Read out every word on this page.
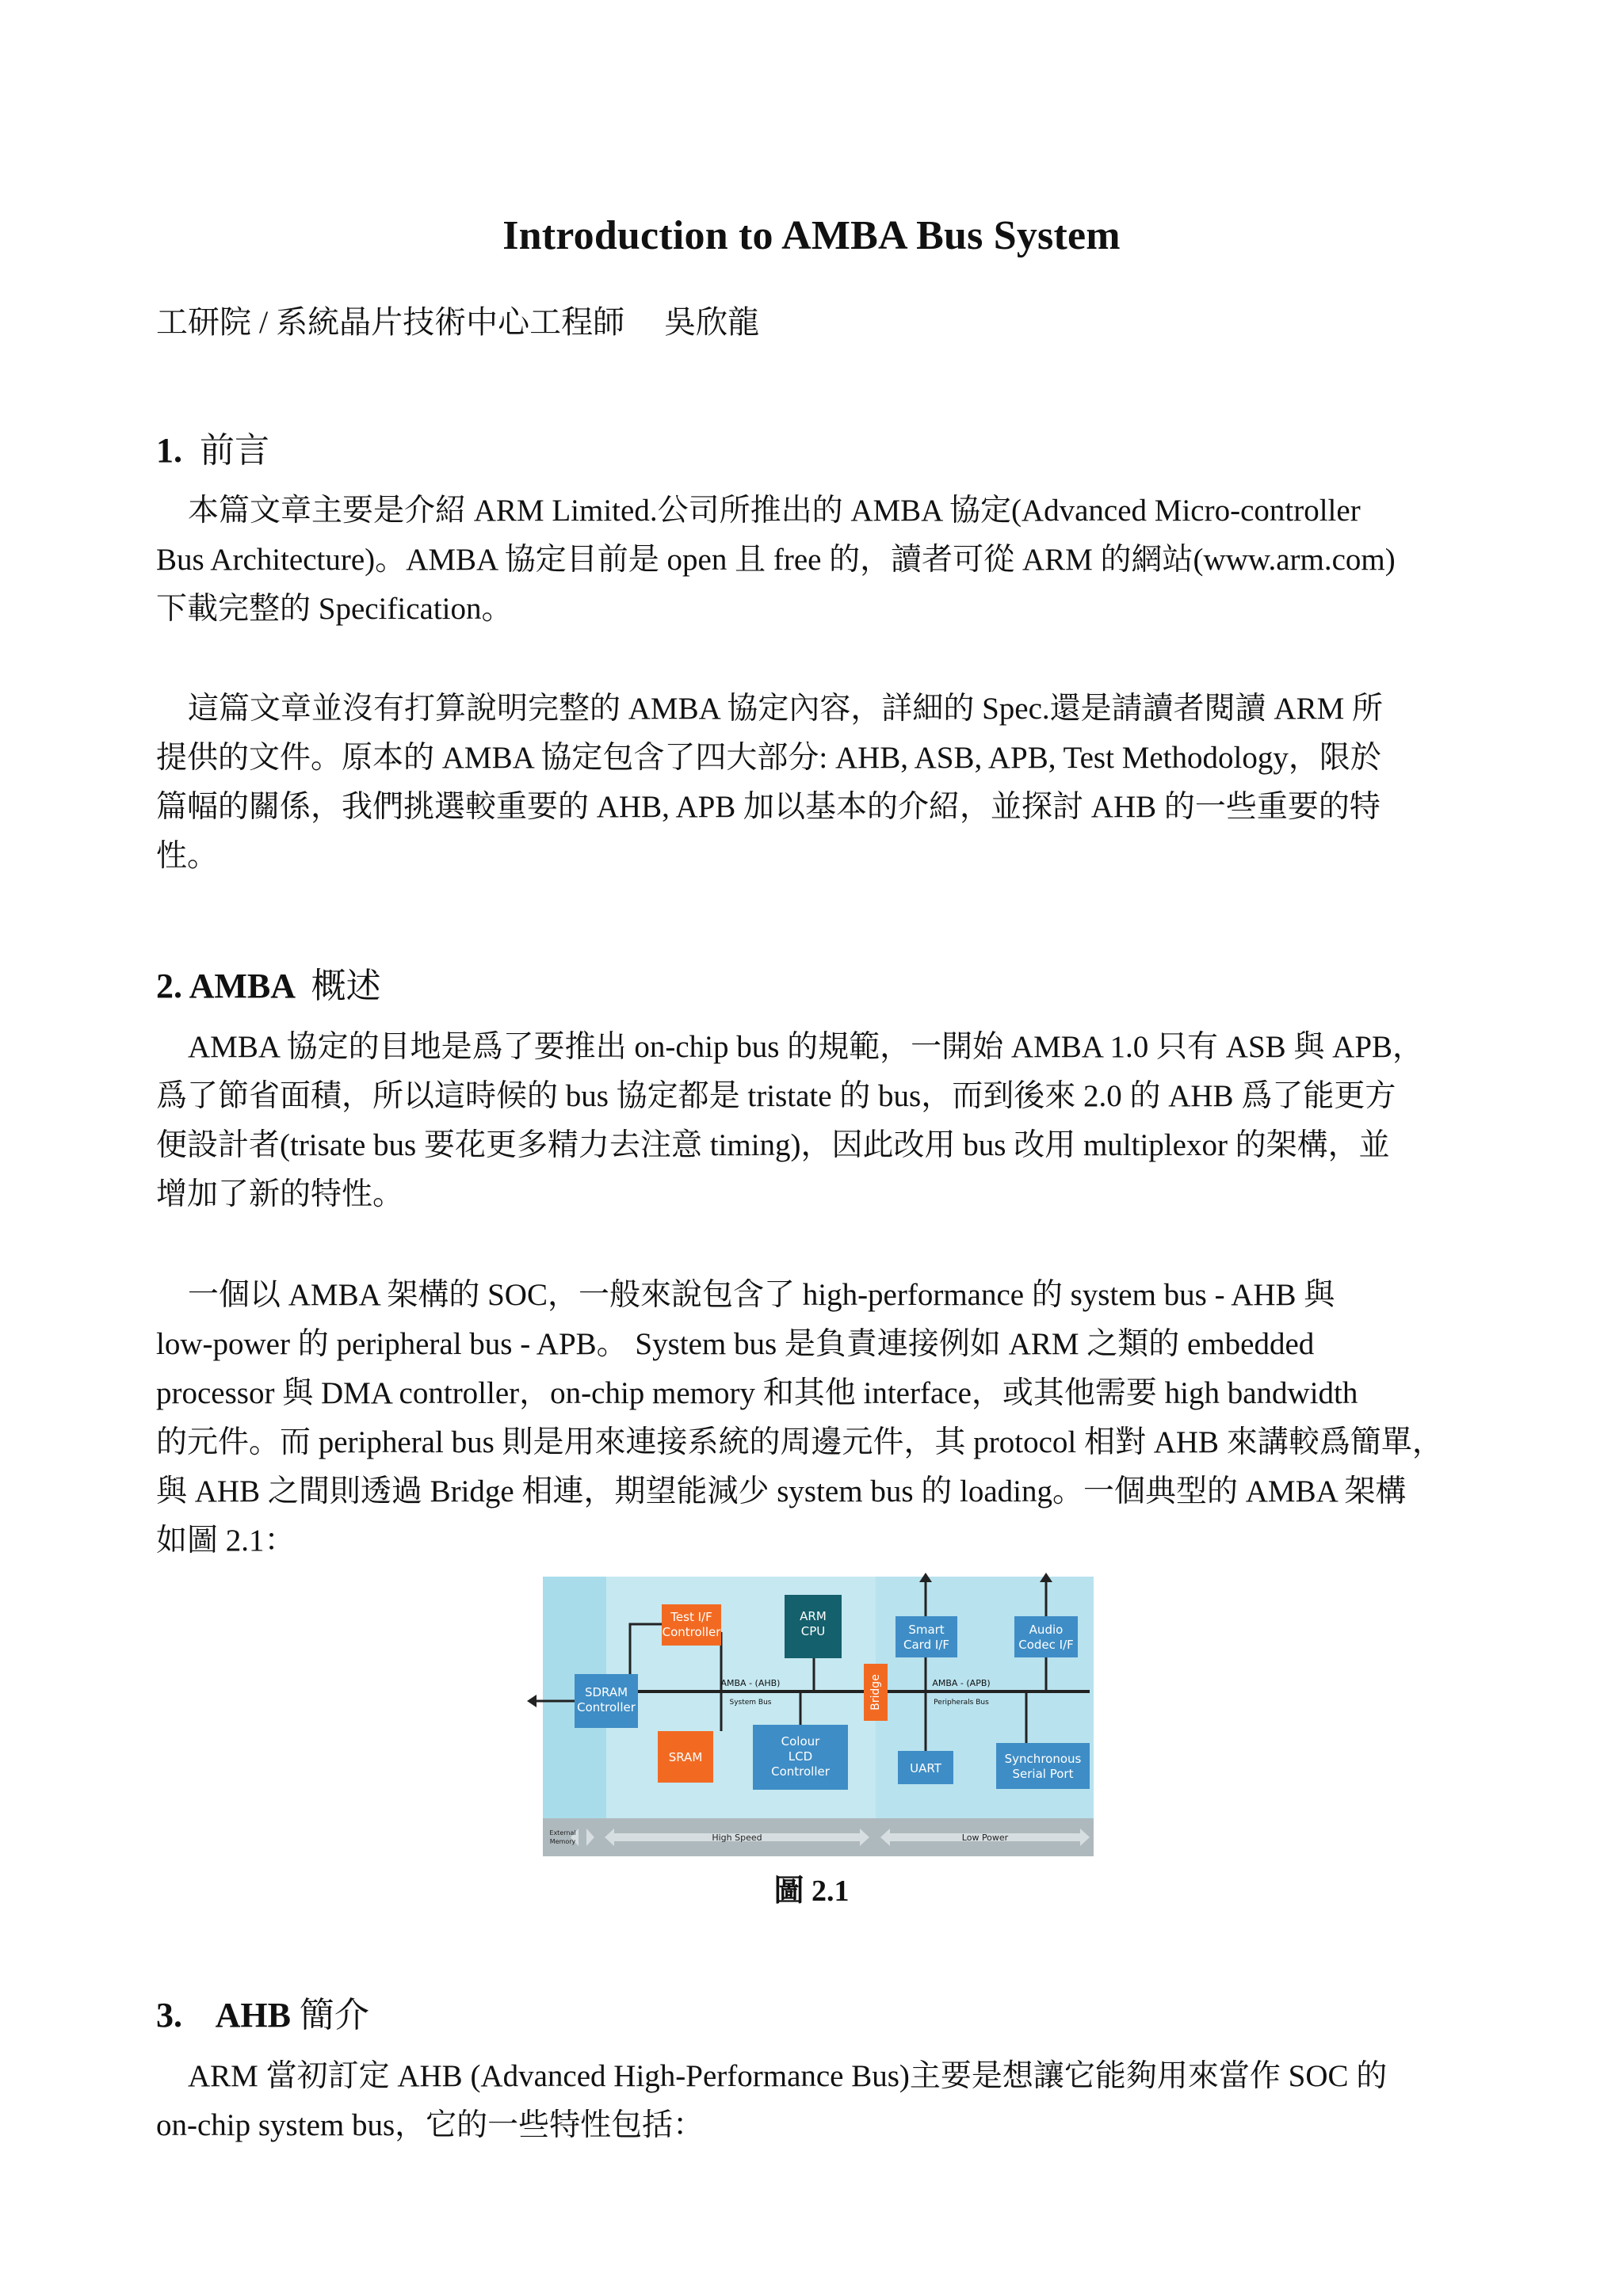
Introduction to AMBA Bus System
工研院 / 系統晶片技術中心工程師     吳欣龍
1. 前言
本篇文章主要是介紹 ARM Limited.公司所推出的 AMBA 協定(Advanced Micro-controller
Bus Architecture)。AMBA 協定目前是 open 且 free 的，讀者可從 ARM 的網站(www.arm.com)
下載完整的 Specification。
這篇文章並沒有打算說明完整的 AMBA 協定內容，詳細的 Spec.還是請讀者閱讀 ARM 所
提供的文件。原本的 AMBA 協定包含了四大部分: AHB, ASB, APB, Test Methodology，限於
篇幅的關係，我們挑選較重要的 AHB, APB 加以基本的介紹，並探討 AHB 的一些重要的特
性。
2. AMBA 概述
AMBA 協定的目地是爲了要推出 on-chip bus 的規範，一開始 AMBA 1.0 只有 ASB 與 APB，
爲了節省面積，所以這時候的 bus 協定都是 tristate 的 bus，而到後來 2.0 的 AHB 爲了能更方
便設計者(trisate bus 要花更多精力去注意 timing)，因此改用 bus 改用 multiplexor 的架構，並
增加了新的特性。
一個以 AMBA 架構的 SOC，一般來說包含了 high-performance 的 system bus - AHB 與
low-power 的 peripheral bus - APB。 System bus 是負責連接例如 ARM 之類的 embedded
processor 與 DMA controller，on-chip memory 和其他 interface，或其他需要 high bandwidth
的元件。而 peripheral bus 則是用來連接系統的周邊元件，其 protocol 相對 AHB 來講較爲簡單，
與 AHB 之間則透過 Bridge 相連，期望能減少 system bus 的 loading。一個典型的 AMBA 架構
如圖 2.1：
Test I/F
Controller
ARM
CPU	Smart
Card I/F
Audio
Codec I/F
SDRAM
Controller	Bridge
SRAM
Colour
LCD
Controller	UART
Synchronous
Serial Port
AMBA - (AHB)
System Bus
AMBA - (APB)
Peripherals Bus
External
Memory	High Speed	Low Power
圖 2.1
3.    AHB 簡介
ARM 當初訂定 AHB (Advanced High-Performance Bus)主要是想讓它能夠用來當作 SOC 的
on-chip system bus，它的一些特性包括：
